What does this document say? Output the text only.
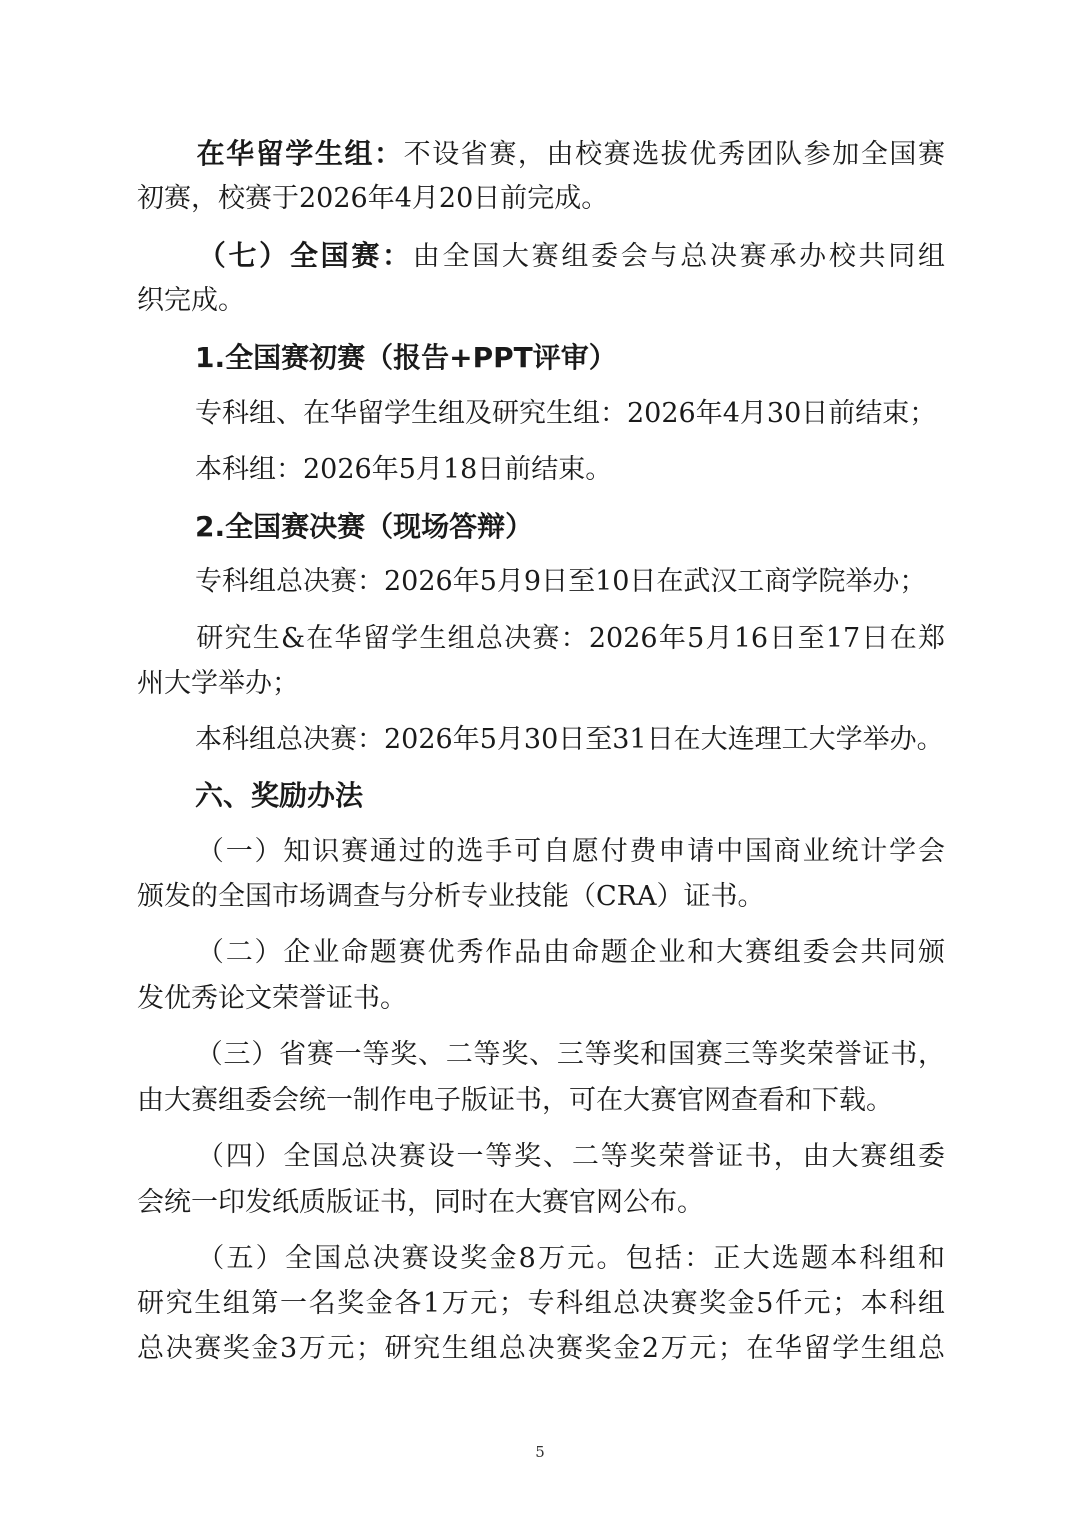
在华留学生组：不设省赛，由校赛选拔优秀团队参加全国赛
初赛，校赛于2026年4月20日前完成。
（七）全国赛：由全国大赛组委会与总决赛承办校共同组
织完成。
1.全国赛初赛（报告+PPT评审）
专科组、在华留学生组及研究生组：2026年4月30日前结束；
本科组：2026年5月18日前结束。
2.全国赛决赛（现场答辩）
专科组总决赛：2026年5月9日至10日在武汉工商学院举办；
研究生&在华留学生组总决赛：2026年5月16日至17日在郑
州大学举办；
本科组总决赛：2026年5月30日至31日在大连理工大学举办。
六、奖励办法
（一）知识赛通过的选手可自愿付费申请中国商业统计学会
颁发的全国市场调查与分析专业技能（CRA）证书。
（二）企业命题赛优秀作品由命题企业和大赛组委会共同颁
发优秀论文荣誉证书。
（三）省赛一等奖、二等奖、三等奖和国赛三等奖荣誉证书，
由大赛组委会统一制作电子版证书，可在大赛官网查看和下载。
（四）全国总决赛设一等奖、二等奖荣誉证书，由大赛组委
会统一印发纸质版证书，同时在大赛官网公布。
（五）全国总决赛设奖金8万元。包括：正大选题本科组和
研究生组第一名奖金各1万元；专科组总决赛奖金5仟元；本科组
总决赛奖金3万元；研究生组总决赛奖金2万元；在华留学生组总
5
